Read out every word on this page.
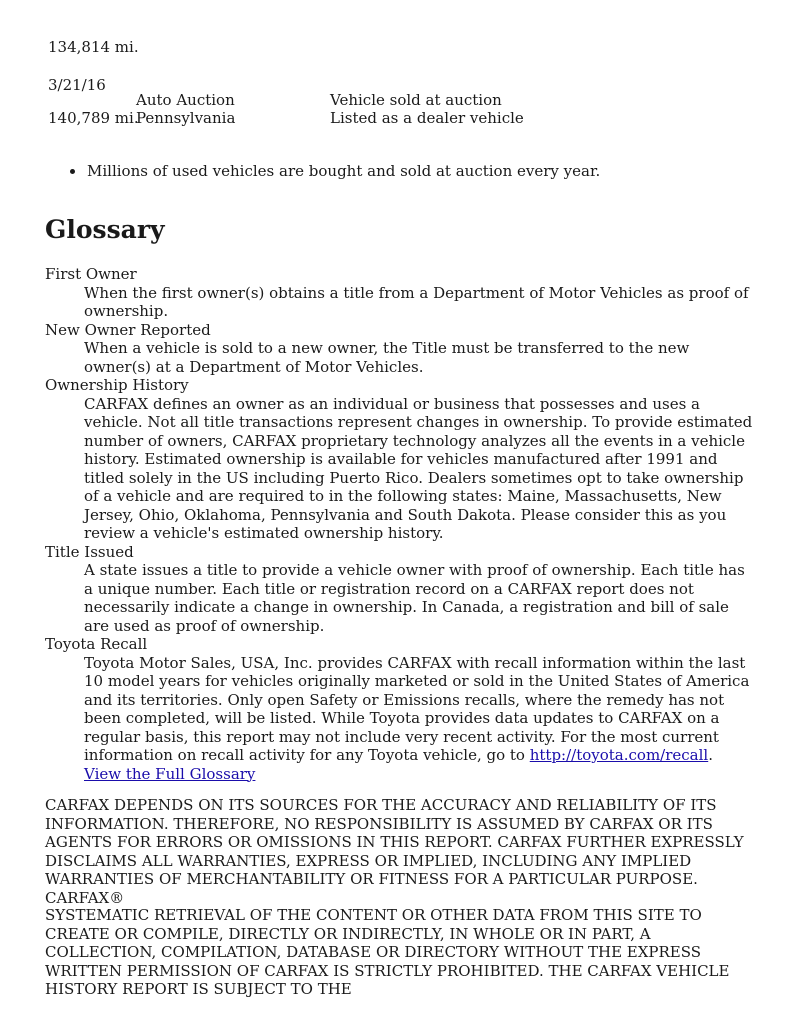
134,814 mi.
3/21/16
140,789 mi.
Auto Auction
Pennsylvania
Vehicle sold at auction
Listed as a dealer vehicle
Millions of used vehicles are bought and sold at auction every year.
Glossary
First Owner
When the first owner(s) obtains a title from a Department of Motor Vehicles as proof of ownership.
New Owner Reported
When a vehicle is sold to a new owner, the Title must be transferred to the new owner(s) at a Department of Motor Vehicles.
Ownership History
CARFAX defines an owner as an individual or business that possesses and uses a vehicle. Not all title transactions represent changes in ownership. To provide estimated number of owners, CARFAX proprietary technology analyzes all the events in a vehicle history. Estimated ownership is available for vehicles manufactured after 1991 and titled solely in the US including Puerto Rico. Dealers sometimes opt to take ownership of a vehicle and are required to in the following states: Maine, Massachusetts, New Jersey, Ohio, Oklahoma, Pennsylvania and South Dakota. Please consider this as you review a vehicle's estimated ownership history.
Title Issued
A state issues a title to provide a vehicle owner with proof of ownership. Each title has a unique number. Each title or registration record on a CARFAX report does not necessarily indicate a change in ownership. In Canada, a registration and bill of sale are used as proof of ownership.
Toyota Recall
Toyota Motor Sales, USA, Inc. provides CARFAX with recall information within the last 10 model years for vehicles originally marketed or sold in the United States of America and its territories. Only open Safety or Emissions recalls, where the remedy has not been completed, will be listed. While Toyota provides data updates to CARFAX on a regular basis, this report may not include very recent activity. For the most current information on recall activity for any Toyota vehicle, go to http://toyota.com/recall.
View the Full Glossary

CARFAX DEPENDS ON ITS SOURCES FOR THE ACCURACY AND RELIABILITY OF ITS INFORMATION. THEREFORE, NO RESPONSIBILITY IS ASSUMED BY CARFAX OR ITS AGENTS FOR ERRORS OR OMISSIONS IN THIS REPORT. CARFAX FURTHER EXPRESSLY DISCLAIMS ALL WARRANTIES, EXPRESS OR IMPLIED, INCLUDING ANY IMPLIED WARRANTIES OF MERCHANTABILITY OR FITNESS FOR A PARTICULAR PURPOSE. CARFAX®

SYSTEMATIC RETRIEVAL OF THE CONTENT OR OTHER DATA FROM THIS SITE TO CREATE OR COMPILE, DIRECTLY OR INDIRECTLY, IN WHOLE OR IN PART, A COLLECTION, COMPILATION, DATABASE OR DIRECTORY WITHOUT THE EXPRESS WRITTEN PERMISSION OF CARFAX IS STRICTLY PROHIBITED. THE CARFAX VEHICLE HISTORY REPORT IS SUBJECT TO THE
